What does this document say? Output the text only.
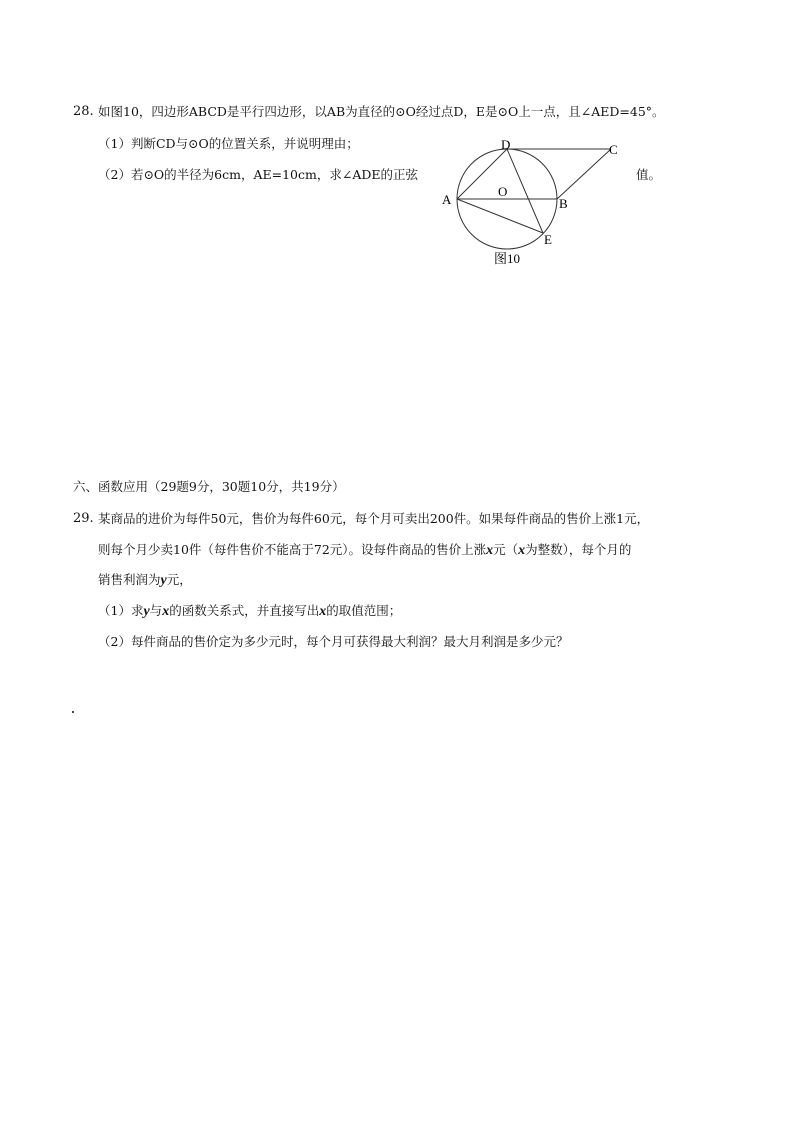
28. 如图10，四边形ABCD是平行四边形，以AB为直径的⊙O经过点D，E是⊙O上一点，且∠AED=45°。
（1）判断CD与⊙O的位置关系，并说明理由；
（2）若⊙O的半径为6cm，AE=10cm，求∠ADE的正弦	值。
D	C
A
O
B
E
图10
六、函数应用（29题9分，30题10分，共19分）
29. 某商品的进价为每件50元，售价为每件60元，每个月可卖出200件。如果每件商品的售价上涨1元，
则每个月少卖10件（每件售价不能高于72元）。设每件商品的售价上涨x元（x为整数），每个月的
销售利润为y元，
（1）求y与x的函数关系式，并直接写出x的取值范围；
（2）每件商品的售价定为多少元时，每个月可获得最大利润？最大月利润是多少元？
